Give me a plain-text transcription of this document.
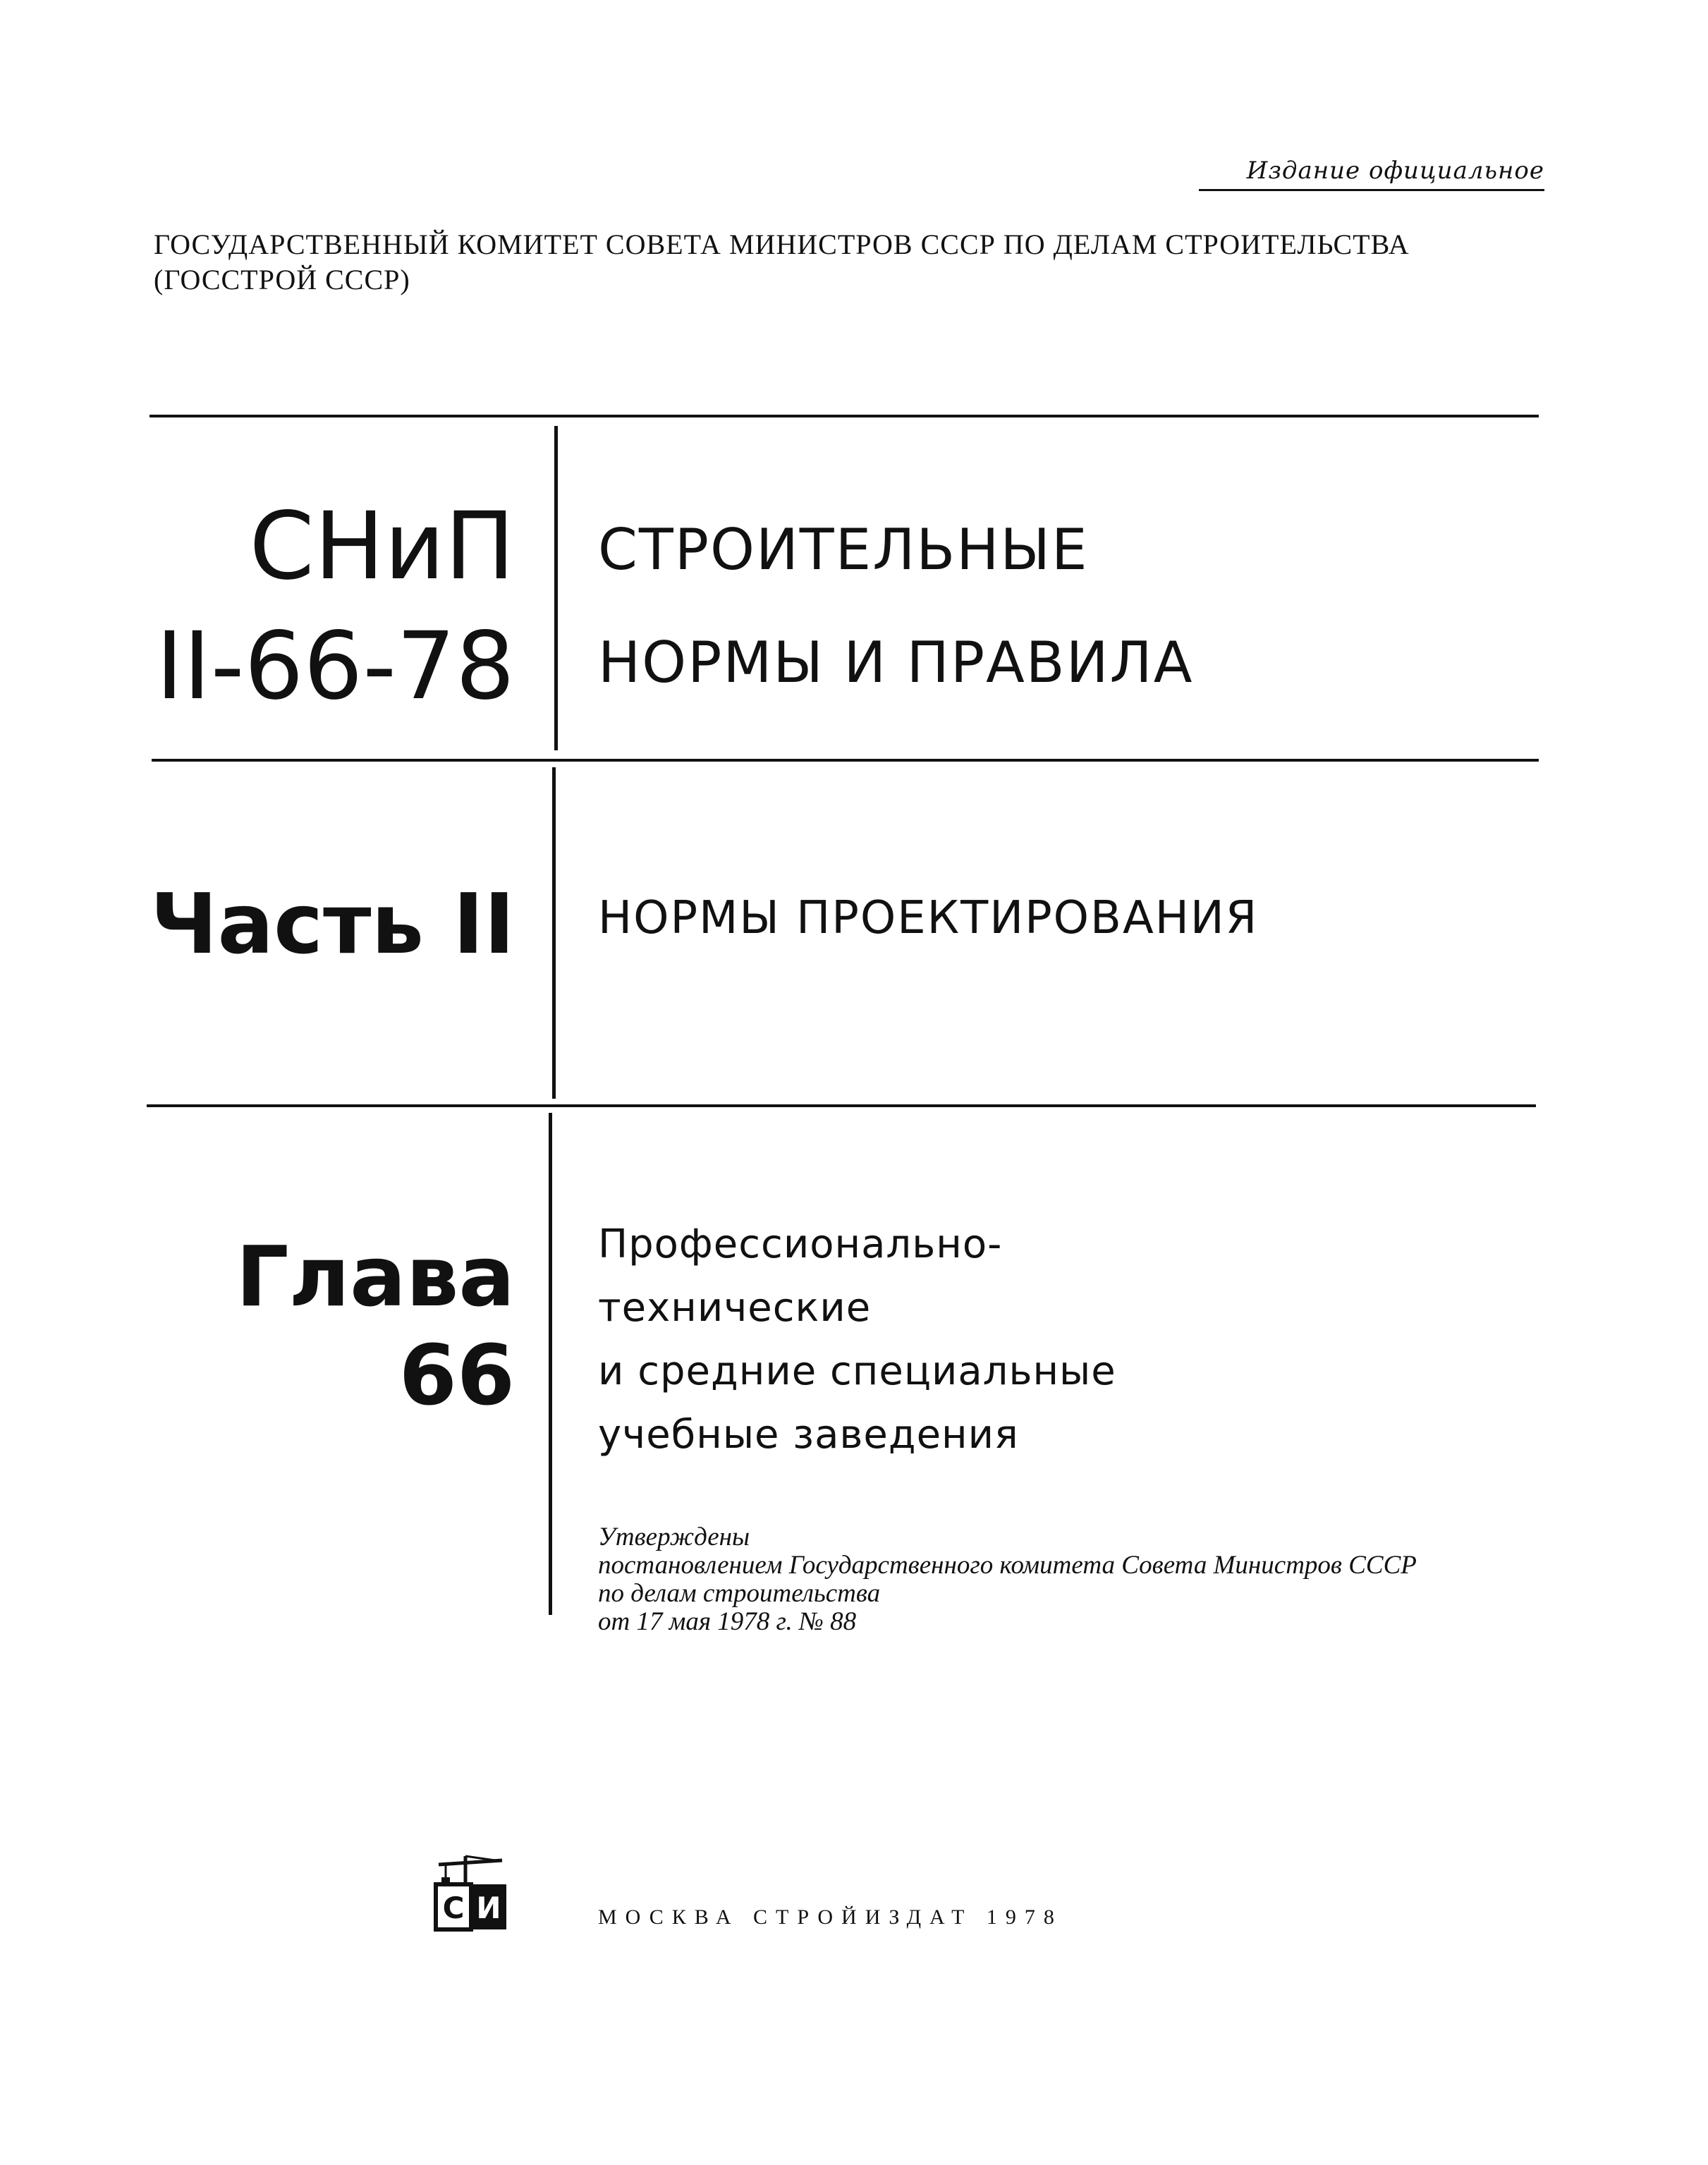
Издание официальное
ГОСУДАРСТВЕННЫЙ КОМИТЕТ СОВЕТА МИНИСТРОВ СССР ПО ДЕЛАМ СТРОИТЕЛЬСТВА
(ГОССТРОЙ СССР)
СНиП
II-66-78
СТРОИТЕЛЬНЫЕ
НОРМЫ И ПРАВИЛА
Часть II НОРМЫ ПРОЕКТИРОВАНИЯ
Глава 66
Профессионально-
технические
и средние специальные
учебные заведения
Утверждены
постановлением Государственного комитета Совета Министров СССР
по делам строительства
от 17 мая 1978 г. № 88
С И	МОСКВА СТРОЙИЗДАТ 1978
